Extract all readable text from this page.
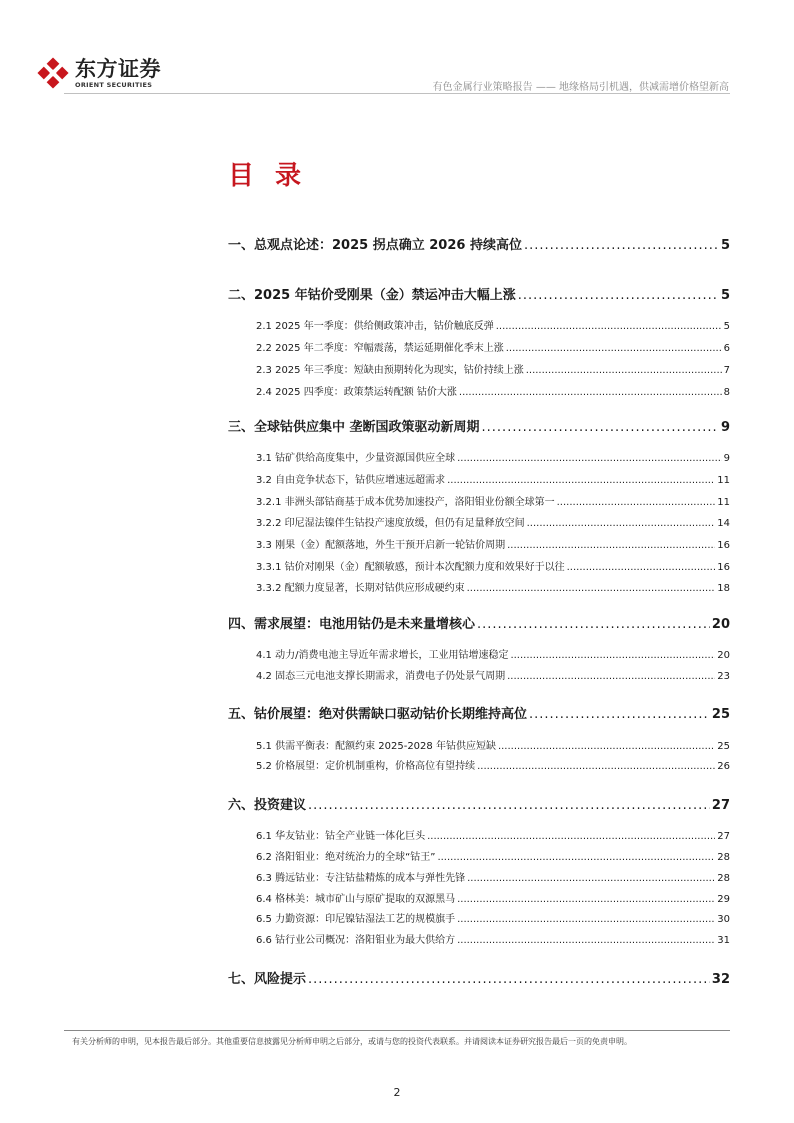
东方证券
ORIENT SECURITIES	有色金属行业策略报告 —— 地缘格局引机遇，供减需增价格望新高
目 录
一、总观点论述：2025 拐点确立 2026 持续高位 .....	5
二、2025 年钴价受刚果（金）禁运冲击大幅上涨 .....	5
2.1 2025 年一季度：供给侧政策冲击，钴价触底反弹 .....	5
2.2 2025 年二季度：窄幅震荡，禁运延期催化季末上涨 .....	6
2.3 2025 年三季度：短缺由预期转化为现实，钴价持续上涨 .....	7
2.4 2025 四季度：政策禁运转配额 钴价大涨 .....	8
三、全球钴供应集中 垄断国政策驱动新周期 .....	9
3.1 钴矿供给高度集中，少量资源国供应全球 .....	9
3.2 自由竞争状态下，钴供应增速远超需求 .....	11
3.2.1 非洲头部钴商基于成本优势加速投产，洛阳钼业份额全球第一 .....	11
3.2.2 印尼湿法镍伴生钴投产速度放缓，但仍有足量释放空间 .....	14
3.3 刚果（金）配额落地，外生干预开启新一轮钴价周期 .....	16
3.3.1 钴价对刚果（金）配额敏感，预计本次配额力度和效果好于以往 .....	16
3.3.2 配额力度显著，长期对钴供应形成硬约束 .....	18
四、需求展望：电池用钴仍是未来量增核心 .....	20
4.1 动力/消费电池主导近年需求增长，工业用钴增速稳定 .....	20
4.2 固态三元电池支撑长期需求，消费电子仍处景气周期 .....	23
五、钴价展望：绝对供需缺口驱动钴价长期维持高位 .....	25
5.1 供需平衡表：配额约束 2025-2028 年钴供应短缺 .....	25
5.2 价格展望：定价机制重构，价格高位有望持续 .....	26
六、投资建议 .....	27
6.1 华友钴业：钴全产业链一体化巨头 .....	27
6.2 洛阳钼业：绝对统治力的全球“钴王” .....	28
6.3 腾远钴业：专注钴盐精炼的成本与弹性先锋 .....	28
6.4 格林美：城市矿山与原矿提取的双源黑马 .....	29
6.5 力勤资源：印尼镍钴湿法工艺的规模旗手 .....	30
6.6 钴行业公司概况：洛阳钼业为最大供给方 .....	31
七、风险提示 .....	32
有关分析师的申明，见本报告最后部分。其他重要信息披露见分析师申明之后部分，或请与您的投资代表联系。并请阅读本证券研究报告最后一页的免责申明。
2
